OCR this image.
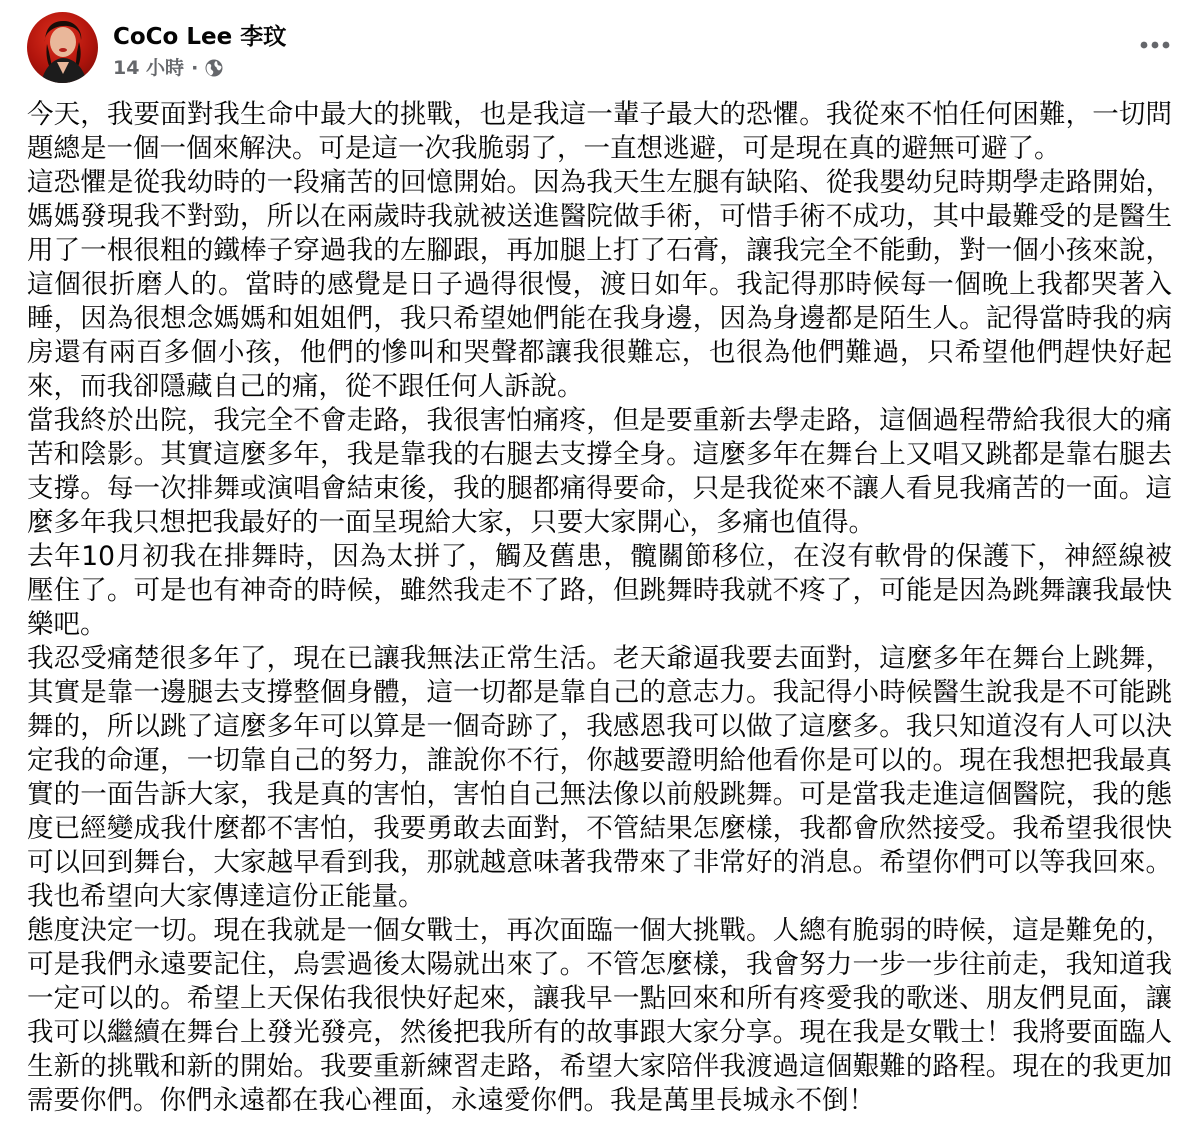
CoCo Lee 李玟
14 小時 ·

今天，我要面對我生命中最大的挑戰，也是我這一輩子最大的恐懼。我從來不怕任何困難，一切問題總是一個一個來解決。可是這一次我脆弱了，一直想逃避，可是現在真的避無可避了。

這恐懼是從我幼時的一段痛苦的回憶開始。因為我天生左腿有缺陷、從我嬰幼兒時期學走路開始，媽媽發現我不對勁，所以在兩歲時我就被送進醫院做手術，可惜手術不成功，其中最難受的是醫生用了一根很粗的鐵棒子穿過我的左腳跟，再加腿上打了石膏，讓我完全不能動，對一個小孩來說，這個很折磨人的。當時的感覺是日子過得很慢，渡日如年。我記得那時候每一個晚上我都哭著入睡，因為很想念媽媽和姐姐們，我只希望她們能在我身邊，因為身邊都是陌生人。記得當時我的病房還有兩百多個小孩，他們的慘叫和哭聲都讓我很難忘，也很為他們難過，只希望他們趕快好起來，而我卻隱藏自己的痛，從不跟任何人訴說。

當我終於出院，我完全不會走路，我很害怕痛疼，但是要重新去學走路，這個過程帶給我很大的痛苦和陰影。其實這麼多年，我是靠我的右腿去支撐全身。這麼多年在舞台上又唱又跳都是靠右腿去支撐。每一次排舞或演唱會結束後，我的腿都痛得要命，只是我從來不讓人看見我痛苦的一面。這麼多年我只想把我最好的一面呈現給大家，只要大家開心，多痛也值得。

去年10月初我在排舞時，因為太拼了，觸及舊患，髖關節移位，在沒有軟骨的保護下，神經線被壓住了。可是也有神奇的時候，雖然我走不了路，但跳舞時我就不疼了，可能是因為跳舞讓我最快樂吧。

我忍受痛楚很多年了，現在已讓我無法正常生活。老天爺逼我要去面對，這麼多年在舞台上跳舞，其實是靠一邊腿去支撐整個身體，這一切都是靠自己的意志力。我記得小時候醫生說我是不可能跳舞的，所以跳了這麼多年可以算是一個奇跡了，我感恩我可以做了這麼多。我只知道沒有人可以決定我的命運，一切靠自己的努力，誰說你不行，你越要證明給他看你是可以的。現在我想把我最真實的一面告訴大家，我是真的害怕，害怕自己無法像以前般跳舞。可是當我走進這個醫院，我的態度已經變成我什麼都不害怕，我要勇敢去面對，不管結果怎麼樣，我都會欣然接受。我希望我很快可以回到舞台，大家越早看到我，那就越意味著我帶來了非常好的消息。希望你們可以等我回來。我也希望向大家傳達這份正能量。

態度決定一切。現在我就是一個女戰士，再次面臨一個大挑戰。人總有脆弱的時候，這是難免的，可是我們永遠要記住，烏雲過後太陽就出來了。不管怎麼樣，我會努力一步一步往前走，我知道我一定可以的。希望上天保佑我很快好起來，讓我早一點回來和所有疼愛我的歌迷、朋友們見面，讓我可以繼續在舞台上發光發亮，然後把我所有的故事跟大家分享。現在我是女戰士！我將要面臨人生新的挑戰和新的開始。我要重新練習走路，希望大家陪伴我渡過這個艱難的路程。現在的我更加需要你們。你們永遠都在我心裡面，永遠愛你們。我是萬里長城永不倒！
